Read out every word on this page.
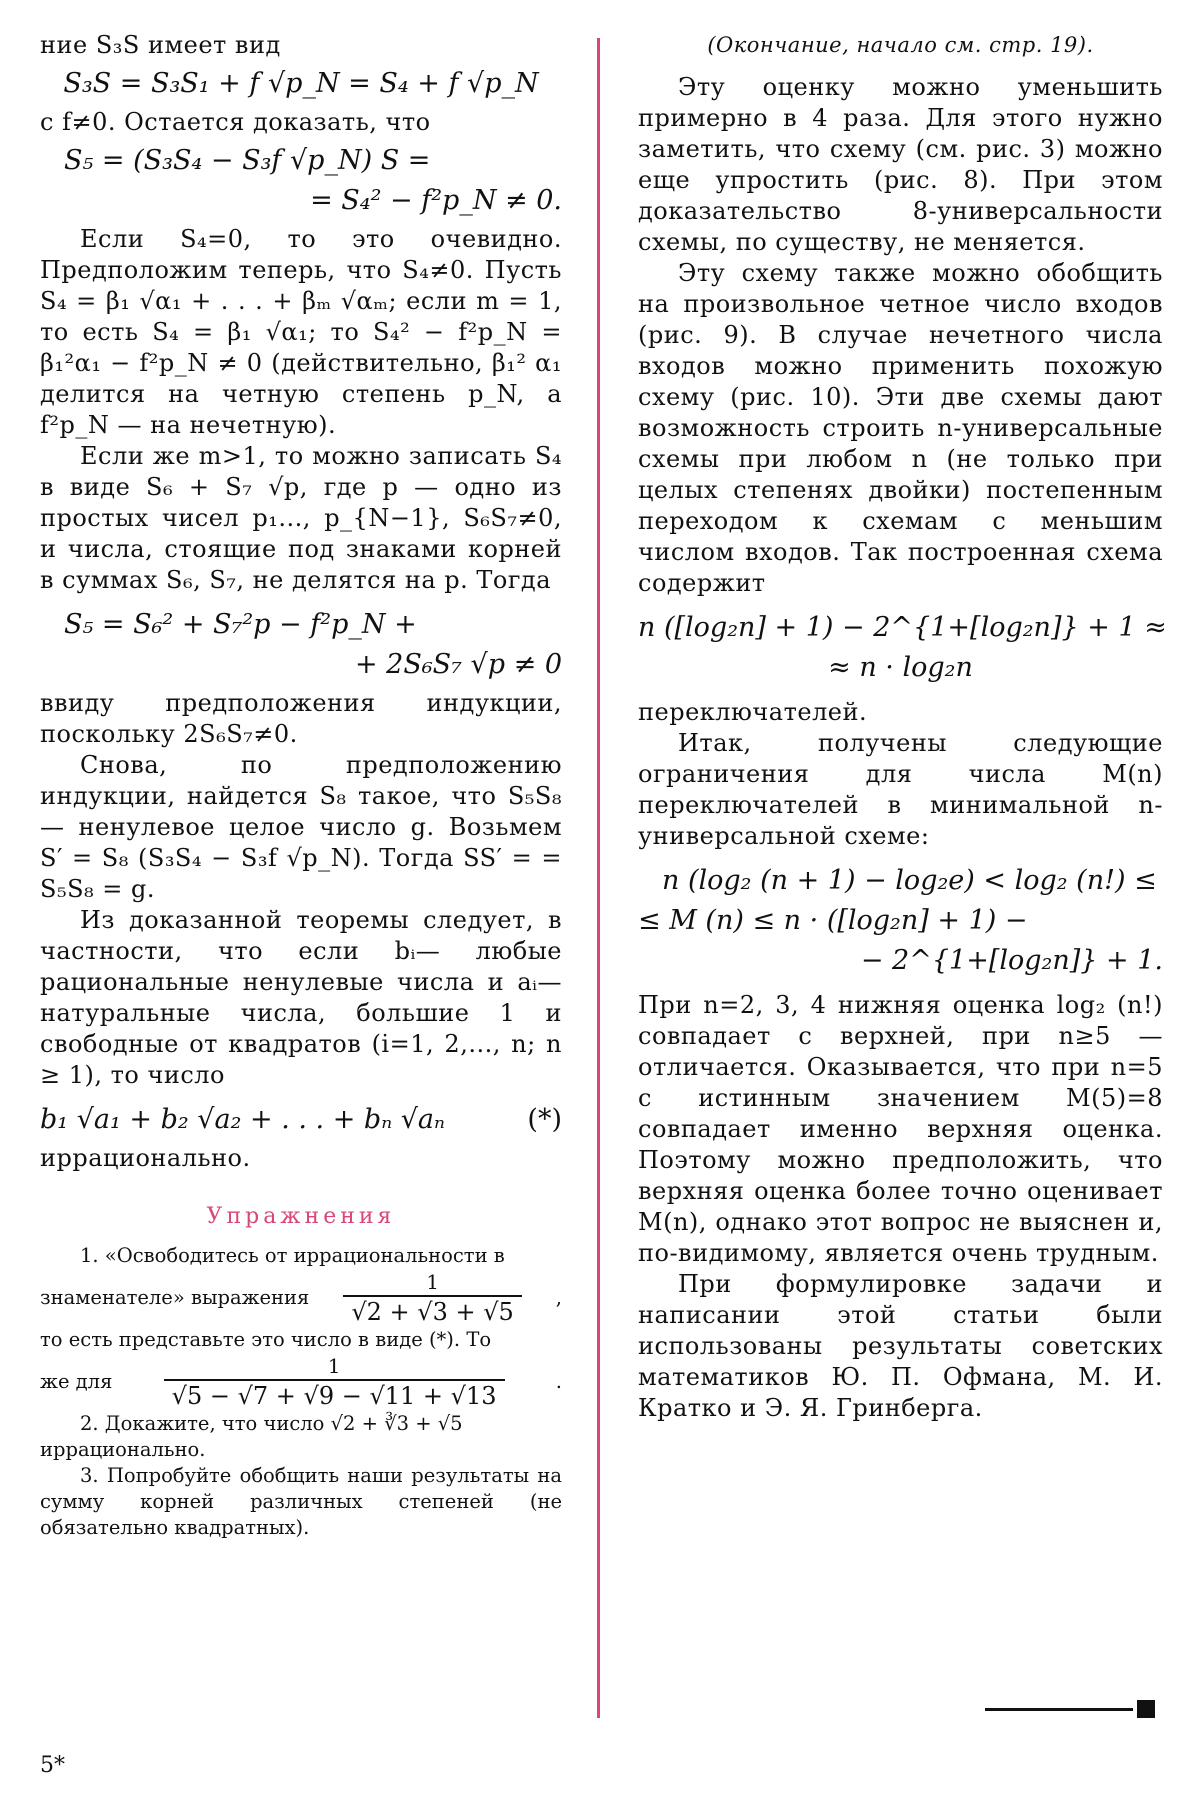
ние S₃S имеет вид

S₃S = S₃S₁ + f √p_N = S₄ + f √p_N

с f≠0. Остается доказать, что

S₅ = (S₃S₄ − S₃f √p_N) S =

= S₄² − f²p_N ≠ 0.

Если S₄=0, то это очевидно. Предположим теперь, что S₄≠0. Пусть S₄ = β₁ √α₁ + . . . + βₘ √αₘ; если m = 1, то есть S₄ = β₁ √α₁; то S₄² − f²p_N = β₁²α₁ − f²p_N ≠ 0 (действительно, β₁² α₁ делится на четную степень p_N, а f²p_N — на нечетную).

Если же m>1, то можно записать S₄ в виде S₆ + S₇ √p, где p — одно из простых чисел p₁..., p_{N−1}, S₆S₇≠0, и числа, стоящие под знаками корней в суммах S₆, S₇, не делятся на p. Тогда

S₅ = S₆² + S₇²p − f²p_N +

+ 2S₆S₇ √p ≠ 0

ввиду предположения индукции, поскольку 2S₆S₇≠0.

Снова, по предположению индукции, найдется S₈ такое, что S₅S₈— ненулевое целое число g. Возьмем S′ = S₈ (S₃S₄ − S₃f √p_N). Тогда SS′ = = S₅S₈ = g.

Из доказанной теоремы следует, в частности, что если bᵢ— любые рациональные ненулевые числа и aᵢ— натуральные числа, большие 1 и свободные от квадратов (i=1, 2,..., n; n ≥ 1), то число

b₁ √a₁ + b₂ √a₂ + . . . + bₙ √aₙ	(*)

иррационально.

Упражнения

1. «Освободитесь от иррациональности в

знаменателе» выражения $\frac{1}{√2 + √3 + √5}$ ,

то есть представьте это число в виде (*). То

же для	$\frac{1}{√5 - √7 + √9 - √11 + √13}$	.

2. Докажите, что число √2 + ∛3 + √5

иррационально.

3. Попробуйте обобщить наши результаты на сумму корней различных степеней (не обязательно квадратных).

(Окончание, начало см. стр. 19).

Эту оценку можно уменьшить примерно в 4 раза. Для этого нужно заметить, что схему (см. рис. 3) можно еще упростить (рис. 8). При этом доказательство 8-универсальности схемы, по существу, не меняется.

Эту схему также можно обобщить на произвольное четное число входов (рис. 9). В случае нечетного числа входов можно применить похожую схему (рис. 10). Эти две схемы дают возможность строить n-универсальные схемы при любом n (не только при целых степенях двойки) постепенным переходом к схемам с меньшим числом входов. Так построенная схема содержит

n ([log₂n] + 1) − 2^{1+[log₂n]} + 1 ≈

≈ n · log₂n

переключателей.

Итак, получены следующие ограничения для числа M(n) переключателей в минимальной n-универсальной схеме:

n (log₂ (n + 1) − log₂e) < log₂ (n!) ≤

≤ M (n) ≤ n · ([log₂n] + 1) −

− 2^{1+[log₂n]} + 1.

При n=2, 3, 4 нижняя оценка log₂ (n!) совпадает с верхней, при n≥5 — отличается. Оказывается, что при n=5 с истинным значением M(5)=8 совпадает именно верхняя оценка. Поэтому можно предположить, что верхняя оценка более точно оценивает M(n), однако этот вопрос не выяснен и, по-видимому, является очень трудным.

При формулировке задачи и написании этой статьи были использованы результаты советских математиков Ю. П. Офмана, М. И. Кратко и Э. Я. Гринберга.

5*
